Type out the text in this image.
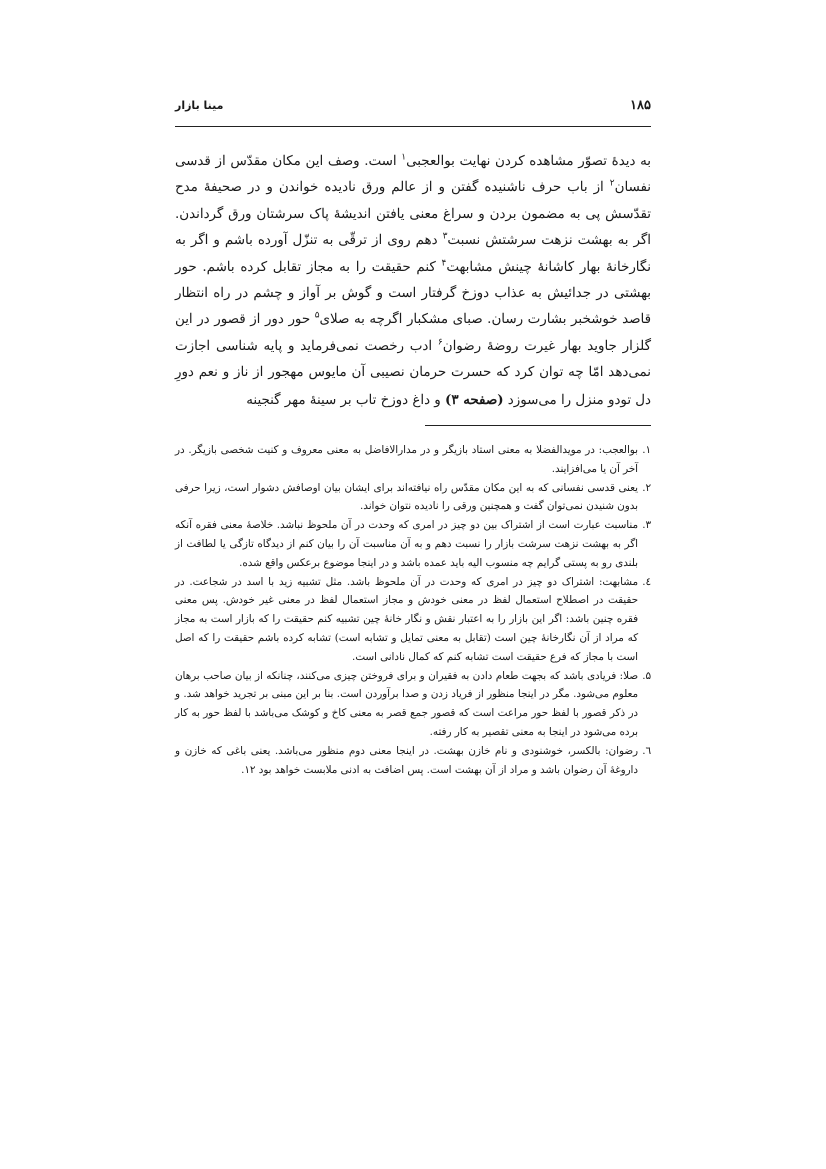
۱۸۵
مینا بازار

به دیدهٔ تصوّر مشاهده کردن نهایت بوالعجبی$^۱$ است. وصف این مکان مقدّس از قدسی نفسان$^۲$ از باب حرف ناشنیده گفتن و از عالم ورق نادیده خواندن و در صحیفهٔ مدح تقدّسش پی به مضمون بردن و سراغ معنی یافتن اندیشهٔ پاک سرشتان ورق گرداندن. اگر به بهشت نزهت سرشتش نسبت$^۳$ دهم روی از ترقّی به تنزّل آورده باشم و اگر به نگارخانهٔ بهار کاشانهٔ چینش مشابهت$^۴$ کنم حقیقت را به مجاز تقابل کرده باشم. حور بهشتی در جدائیش به عذاب دوزخ گرفتار است و گوش بر آواز و چشم در راه انتظار قاصد خوشخبر بشارت رسان. صبای مشکبار اگرچه به صلای$^۵$ حور دور از قصور در این گلزار جاوید بهار غیرت روضهٔ رضوان$^۶$ ادب رخصت نمی‌فرماید و پایه شناسی اجازت نمی‌دهد امّا چه توان کرد که حسرت حرمان نصیبی آن مایوس مهجور از ناز و نعم دورِ دل تودو منزل را می‌سوزد (صفحه ۳) و داغ دوزخ تاب بر سینهٔ مهر گنجینه

۱.
بوالعجب: در مویدالفضلا به معنی استاد بازیگر و در مدارالافاضل به معنی معروف و کنیت شخصی بازیگر. در آخر آن یا می‌افزایند.
۲.
یعنی قدسی نفسانی که به این مکان مقدّس راه نیافته‌اند برای ایشان بیان اوصافش دشوار است، زیرا حرفی بدون شنیدن نمی‌توان گفت و همچنین ورقی را نادیده نتوان خواند.
۳.
مناسبت عبارت است از اشتراک بین دو چیز در امری که وحدت در آن ملحوظ نباشد. خلاصهٔ معنی فقره آنکه اگر به بهشت نزهت سرشت بازار را نسبت دهم و به آن مناسبت آن را بیان کنم از دیدگاه تازگی یا لطافت از بلندی رو به پستی گرایم چه منسوب الیه باید عمده باشد و در اینجا موضوع برعکس واقع شده.
٤.
مشابهت: اشتراک دو چیز در امری که وحدت در آن ملحوظ باشد. مثل تشبیه زید با اسد در شجاعت. در حقیقت در اصطلاح استعمال لفظ در معنی خودش و مجاز استعمال لفظ در معنی غیر خودش. پس معنی فقره چنین باشد: اگر این بازار را به اعتبار نقش و نگار خانهٔ چین تشبیه کنم حقیقت را که بازار است به مجاز که مراد از آن نگارخانهٔ چین است (تقابل به معنی تمایل و تشابه است) تشابه کرده باشم حقیقت را که اصل است با مجاز که فرع حقیقت است تشابه کنم که کمال نادانی است.
۵.
صلا: فریادی باشد که بجهت طعام دادن به فقیران و برای فروختن چیزی می‌کنند، چنانکه از بیان صاحب برهان معلوم می‌شود. مگر در اینجا منظور از فریاد زدن و صدا برآوردن است. بنا بر این مبنی بر تجرید خواهد شد. و در ذکر قصور با لفظ حور مراعت است که قصور جمع قصر به معنی کاخ و کوشک می‌باشد با لفظ حور به کار برده می‌شود در اینجا به معنی تقصیر به کار رفته.
٦.
رضوان: بالکسر، خوشنودی و نام خازن بهشت. در اینجا معنی دوم منظور می‌باشد. یعنی باغی که خازن و داروغهٔ آن رضوان باشد و مراد از آن بهشت است. پس اضافت به ادنی ملابست خواهد بود ۱۲.
